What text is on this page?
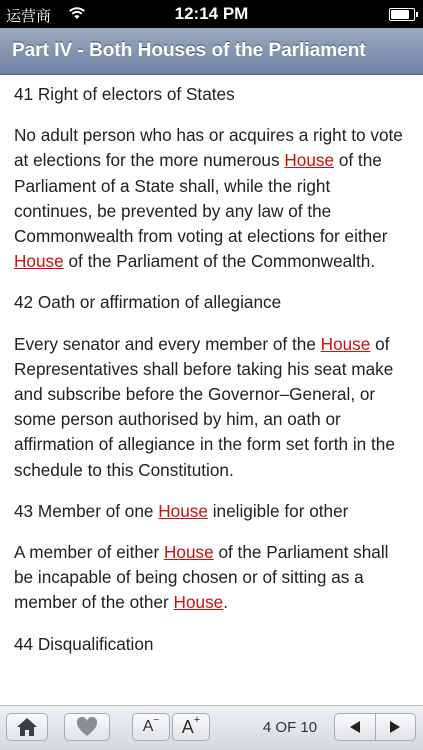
运营商	12:14 PM
Part IV - Both Houses of the Parliament

41 Right of electors of States

No adult person who has or acquires a right to vote at elections for the more numerous House of the Parliament of a State shall, while the right continues, be prevented by any law of the Commonwealth from voting at elections for either House of the Parliament of the Commonwealth.

42 Oath or affirmation of allegiance

Every senator and every member of the House of Representatives shall before taking his seat make and subscribe before the Governor–General, or some person authorised by him, an oath or affirmation of allegiance in the form set forth in the schedule to this Constitution.

43 Member of one House ineligible for other

A member of either House of the Parliament shall be incapable of being chosen or of sitting as a member of the other House.

44 Disqualification

A − A +	4 OF 10
